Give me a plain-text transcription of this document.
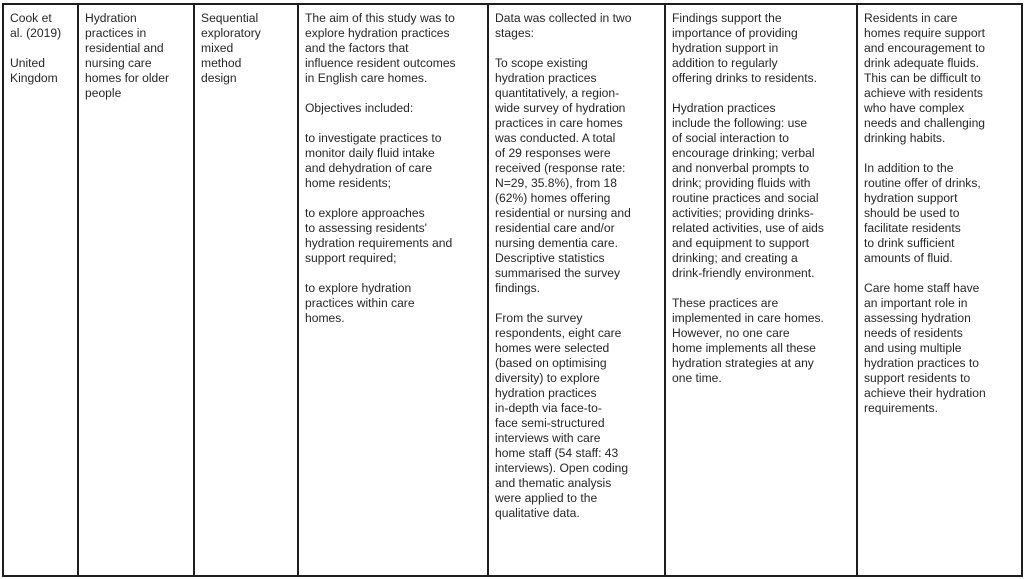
Cook et
al. (2019)
United
Kingdom

Hydration
practices in
residential and
nursing care
homes for older
people

Sequential
exploratory
mixed
method
design

The aim of this study was to
explore hydration practices
and the factors that
influence resident outcomes
in English care homes.
Objectives included:
to investigate practices to
monitor daily fluid intake
and dehydration of care
home residents;
to explore approaches
to assessing residents'
hydration requirements and
support required;
to explore hydration
practices within care
homes.

Data was collected in two
stages:
To scope existing
hydration practices
quantitatively, a region-
wide survey of hydration
practices in care homes
was conducted. A total
of 29 responses were
received (response rate:
N=29, 35.8%), from 18
(62%) homes offering
residential or nursing and
residential care and/or
nursing dementia care.
Descriptive statistics
summarised the survey
findings.
From the survey
respondents, eight care
homes were selected
(based on optimising
diversity) to explore
hydration practices
in-depth via face-to-
face semi-structured
interviews with care
home staff (54 staff: 43
interviews). Open coding
and thematic analysis
were applied to the
qualitative data.

Findings support the
importance of providing
hydration support in
addition to regularly
offering drinks to residents.
Hydration practices
include the following: use
of social interaction to
encourage drinking; verbal
and nonverbal prompts to
drink; providing fluids with
routine practices and social
activities; providing drinks-
related activities, use of aids
and equipment to support
drinking; and creating a
drink-friendly environment.
These practices are
implemented in care homes.
However, no one care
home implements all these
hydration strategies at any
one time.

Residents in care
homes require support
and encouragement to
drink adequate fluids.
This can be difficult to
achieve with residents
who have complex
needs and challenging
drinking habits.
In addition to the
routine offer of drinks,
hydration support
should be used to
facilitate residents
to drink sufficient
amounts of fluid.
Care home staff have
an important role in
assessing hydration
needs of residents
and using multiple
hydration practices to
support residents to
achieve their hydration
requirements.
